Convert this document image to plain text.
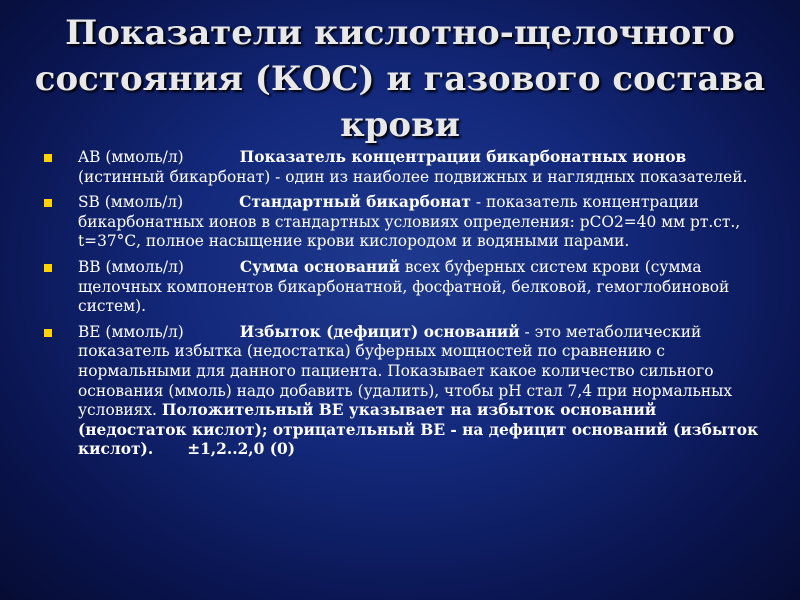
Показатели кислотно-щелочного состояния (КОС) и газового состава крови
AB (ммоль/л)	Показатель концентрации бикарбонатных ионов (истинный бикарбонат) - один из наиболее подвижных и наглядных показателей.
SB (ммоль/л)	Стандартный бикарбонат - показатель концентрации бикарбонатных ионов в стандартных условиях определения: рСО2=40 мм рт.ст., t=37°С, полное насыщение крови кислородом и водяными парами.
BB (ммоль/л)	Сумма оснований всех буферных систем крови (сумма щелочных компонентов бикарбонатной, фосфатной, белковой, гемоглобиновой систем).
BE (ммоль/л)	Избыток (дефицит) оснований - это метаболический показатель избытка (недостатка) буферных мощностей по сравнению с нормальными для данного пациента. Показывает какое количество сильного основания (ммоль) надо добавить (удалить), чтобы рН стал 7,4 при нормальных условиях. Положительный BE указывает на избыток оснований (недостаток кислот); отрицательный BE - на дефицит оснований (избыток кислот). ±1,2..2,0 (0)
